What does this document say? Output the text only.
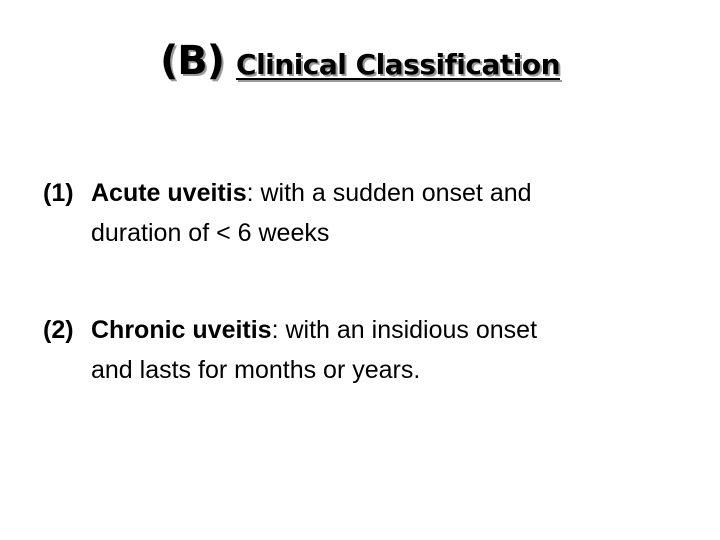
(B) Clinical Classification
(1) Acute uveitis: with a sudden onset and
duration of < 6 weeks
(2) Chronic uveitis: with an insidious onset
and lasts for months or years.
